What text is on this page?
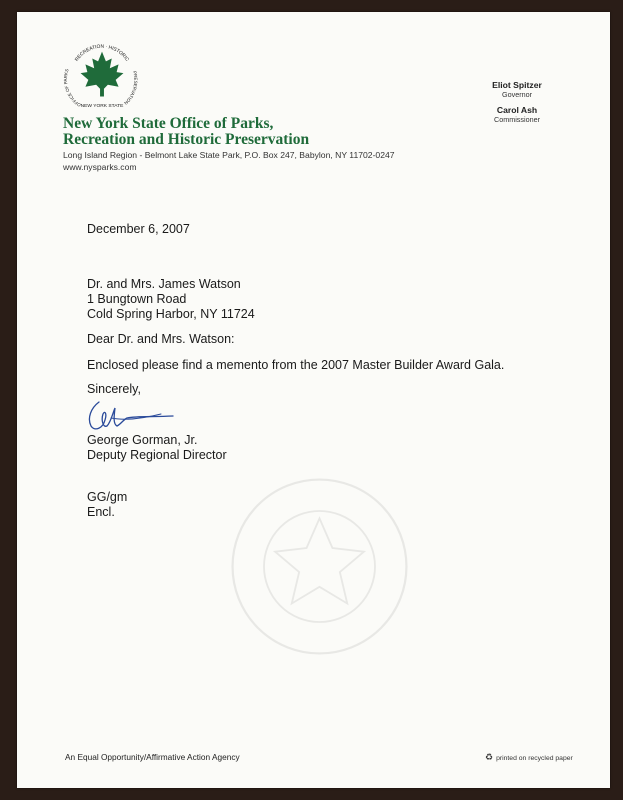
RECREATION · HISTORIC
OFFICE OF PARKS	PRESERVATION
NEW YORK STATE
New York State Office of Parks,
Recreation and Historic Preservation
Long Island Region - Belmont Lake State Park, P.O. Box 247, Babylon, NY 11702-0247
www.nysparks.com
Eliot Spitzer
Governor
Carol Ash
Commissioner
December 6, 2007
Dr. and Mrs. James Watson
1 Bungtown Road
Cold Spring Harbor, NY 11724
Dear Dr. and Mrs. Watson:
Enclosed please find a memento from the 2007 Master Builder Award Gala.
Sincerely,
George Gorman, Jr.
Deputy Regional Director
GG/gm
Encl.
An Equal Opportunity/Affirmative Action Agency	♻ printed on recycled paper
